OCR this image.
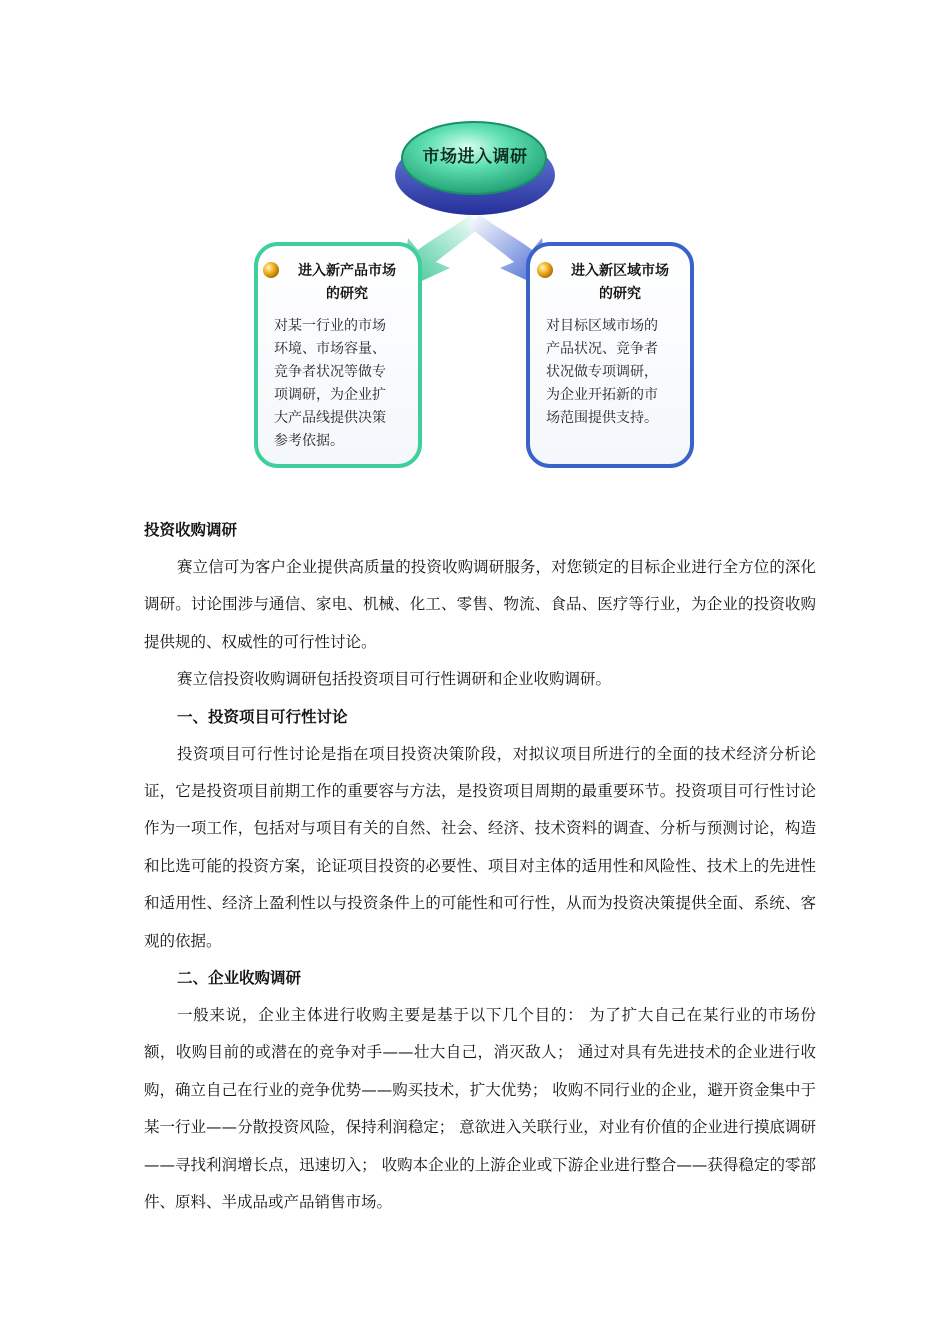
市场进入调研
进入新产品市场
的研究
对某一行业的市场
环境、市场容量、
竞争者状况等做专
项调研，为企业扩
大产品线提供决策
参考依据。
进入新区域市场
的研究
对目标区域市场的
产品状况、竞争者
状况做专项调研，
为企业开拓新的市
场范围提供支持。
投资收购调研

赛立信可为客户企业提供高质量的投资收购调研服务，对您锁定的目标企业进行全方位的深化调研。讨论围涉与通信、家电、机械、化工、零售、物流、食品、医疗等行业，为企业的投资收购提供规的、权威性的可行性讨论。

赛立信投资收购调研包括投资项目可行性调研和企业收购调研。

一、投资项目可行性讨论

投资项目可行性讨论是指在项目投资决策阶段，对拟议项目所进行的全面的技术经济分析论证，它是投资项目前期工作的重要容与方法，是投资项目周期的最重要环节。投资项目可行性讨论作为一项工作，包括对与项目有关的自然、社会、经济、技术资料的调查、分析与预测讨论，构造和比选可能的投资方案，论证项目投资的必要性、项目对主体的适用性和风险性、技术上的先进性和适用性、经济上盈利性以与投资条件上的可能性和可行性，从而为投资决策提供全面、系统、客观的依据。

二、企业收购调研

一般来说，企业主体进行收购主要是基于以下几个目的： 为了扩大自己在某行业的市场份额，收购目前的或潜在的竞争对手——壮大自己，消灭敌人； 通过对具有先进技术的企业进行收购，确立自己在行业的竞争优势——购买技术，扩大优势； 收购不同行业的企业，避开资金集中于某一行业——分散投资风险，保持利润稳定； 意欲进入关联行业，对业有价值的企业进行摸底调研——寻找利润增长点，迅速切入； 收购本企业的上游企业或下游企业进行整合——获得稳定的零部件、原料、半成品或产品销售市场。
